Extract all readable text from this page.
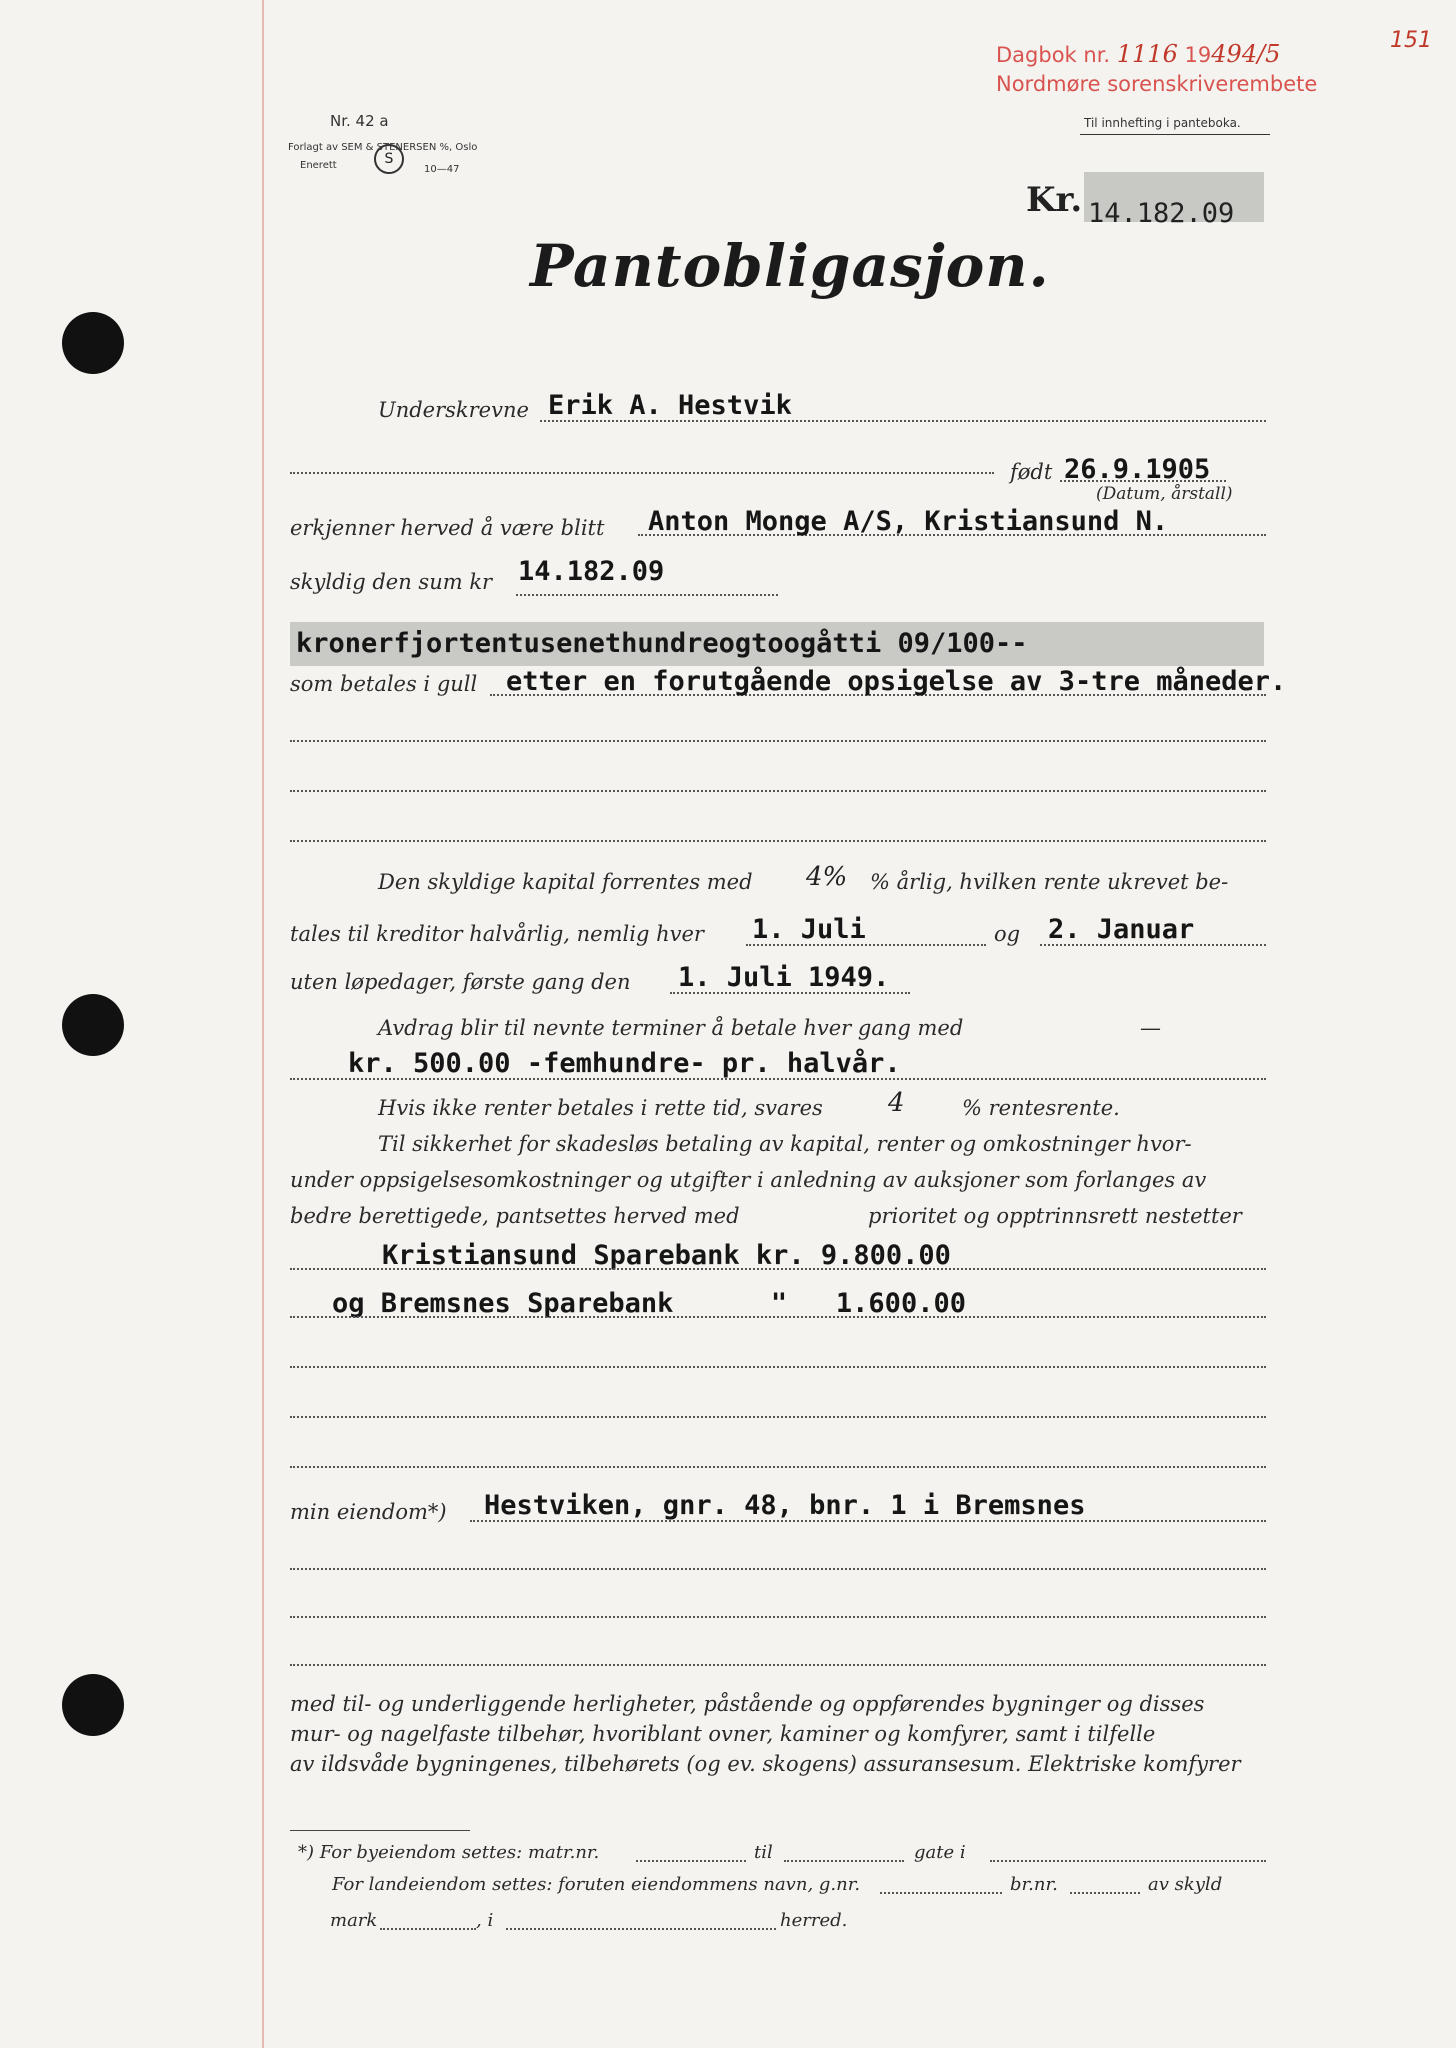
Dagbok nr. 1116 19494/5	151
Nordmøre sorenskriverembete
Til innhefting i panteboka.
Nr. 42 a
Forlagt av SEM & STENERSEN %, Oslo
Enerett	S
10—47
Kr. 14.182.09
Pantobligasjon.
Underskrevne Erik A. Hestvik
født 26.9.1905
(Datum, årstall)
erkjenner herved å være blitt Anton Monge A/S, Kristiansund N.
skyldig den sum kr 14.182.09
kronerfjortentusenethundreogtoogåtti 09/100--
som betales i gull etter en forutgående opsigelse av 3-tre måneder.
Den skyldige kapital forrentes med 4% % årlig, hvilken rente ukrevet be-
tales til kreditor halvårlig, nemlig hver 1. Juli	og 2. Januar
uten løpedager, første gang den 1. Juli 1949.
Avdrag blir til nevnte terminer å betale hver gang med	—
kr. 500.00 -femhundre- pr. halvår.
Hvis ikke renter betales i rette tid, svares	4	% rentesrente.
Til sikkerhet for skadesløs betaling av kapital, renter og omkostninger hvor-
under oppsigelsesomkostninger og utgifter i anledning av auksjoner som forlanges av
bedre berettigede, pantsettes herved med	prioritet og opptrinnsrett nestetter
Kristiansund Sparebank kr. 9.800.00
og Bremsnes Sparebank      "   1.600.00
min eiendom*) Hestviken, gnr. 48, bnr. 1 i Bremsnes
med til- og underliggende herligheter, påstående og oppførendes bygninger og disses
mur- og nagelfaste tilbehør, hvoriblant ovner, kaminer og komfyrer, samt i tilfelle
av ildsvåde bygningenes, tilbehørets (og ev. skogens) assuransesum. Elektriske komfyrer
*) For byeiendom settes: matr.nr.	til	gate i
For landeiendom settes: foruten eiendommens navn, g.nr.	br.nr.	av skyld
mark	, i	herred.
